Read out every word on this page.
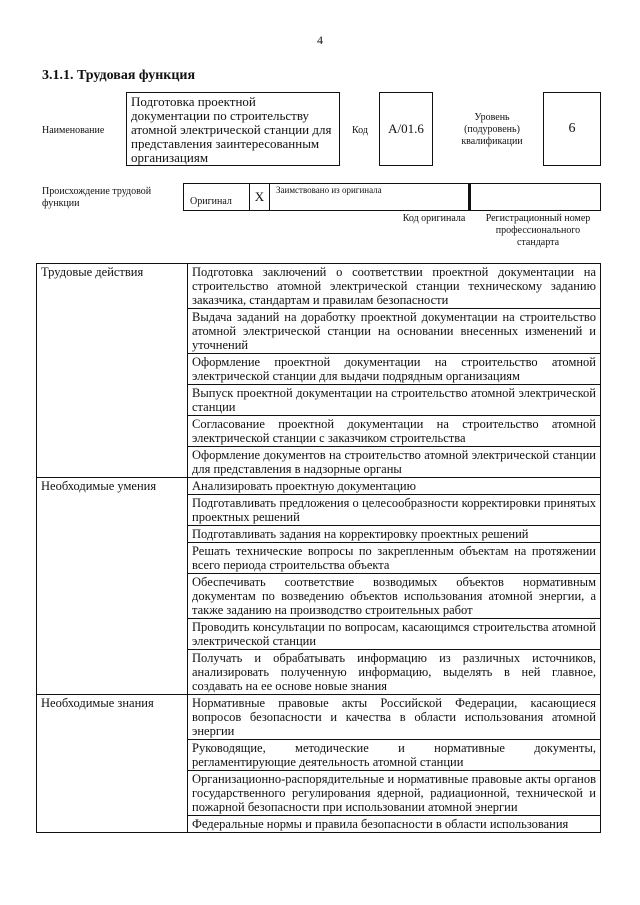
4
3.1.1. Трудовая функция
Наименование
Подготовка проектной документации по строительству атомной электрической станции для представления заинтересованным организациям
Код	A/01.6
Уровень (подуровень) квалификации
6
Происхождение трудовой функции	Оригинал	X	Заимствовано из оригинала
Код оригинала	Регистрационный номер профессионального стандарта
Трудовые действия	Подготовка заключений о соответствии проектной документации на строительство атомной электрической станции техническому заданию заказчика, стандартам и правилам безопасности
	Выдача заданий на доработку проектной документации на строительство атомной электрической станции на основании внесенных изменений и уточнений
	Оформление проектной документации на строительство атомной электрической станции для выдачи подрядным организациям
	Выпуск проектной документации на строительство атомной электрической станции
	Согласование проектной документации на строительство атомной электрической станции с заказчиком строительства
	Оформление документов на строительство атомной электрической станции для представления в надзорные органы
Необходимые умения	Анализировать проектную документацию
	Подготавливать предложения о целесообразности корректировки принятых проектных решений
	Подготавливать задания на корректировку проектных решений
	Решать технические вопросы по закрепленным объектам на протяжении всего периода строительства объекта
	Обеспечивать соответствие возводимых объектов нормативным документам по возведению объектов использования атомной энергии, а также заданию на производство строительных работ
	Проводить консультации по вопросам, касающимся строительства атомной электрической станции
	Получать и обрабатывать информацию из различных источников, анализировать полученную информацию, выделять в ней главное, создавать на ее основе новые знания
Необходимые знания	Нормативные правовые акты Российской Федерации, касающиеся вопросов безопасности и качества в области использования атомной энергии
	Руководящие, методические и нормативные документы, регламентирующие деятельность атомной станции
	Организационно-распорядительные и нормативные правовые акты органов государственного регулирования ядерной, радиационной, технической и пожарной безопасности при использовании атомной энергии
	Федеральные нормы и правила безопасности в области использования
